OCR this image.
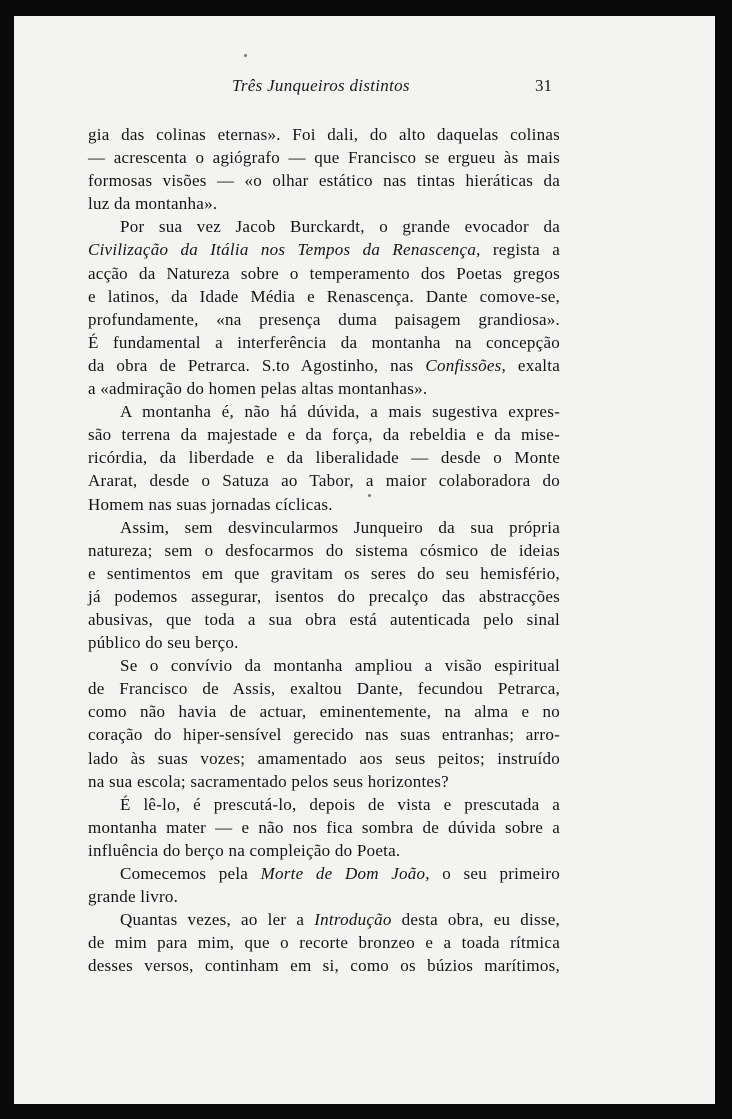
Três Junqueiros distintos	31

gia das colinas eternas». Foi dali, do alto daquelas colinas

— acrescenta o agiógrafo — que Francisco se ergueu às mais

formosas visões — «o olhar estático nas tintas hieráticas da

luz da montanha».

Por sua vez Jacob Burckardt, o grande evocador da

Civilização da Itália nos Tempos da Renascença, regista a

acção da Natureza sobre o temperamento dos Poetas gregos

e latinos, da Idade Média e Renascença. Dante comove-se,

profundamente, «na presença duma paisagem grandiosa».

É fundamental a interferência da montanha na concepção

da obra de Petrarca. S.to Agostinho, nas Confissões, exalta

a «admiração do homen pelas altas montanhas».

A montanha é, não há dúvida, a mais sugestiva expres-

são terrena da majestade e da força, da rebeldia e da mise-

ricórdia, da liberdade e da liberalidade — desde o Monte

Ararat, desde o Satuza ao Tabor, a maior colaboradora do

Homem nas suas jornadas cíclicas.

Assim, sem desvincularmos Junqueiro da sua própria

natureza; sem o desfocarmos do sistema cósmico de ideias

e sentimentos em que gravitam os seres do seu hemisfério,

já podemos assegurar, isentos do precalço das abstracções

abusivas, que toda a sua obra está autenticada pelo sinal

público do seu berço.

Se o convívio da montanha ampliou a visão espiritual

de Francisco de Assis, exaltou Dante, fecundou Petrarca,

como não havia de actuar, eminentemente, na alma e no

coração do hiper-sensível gerecido nas suas entranhas; arro-

lado às suas vozes; amamentado aos seus peitos; instruído

na sua escola; sacramentado pelos seus horizontes?

É lê-lo, é prescutá-lo, depois de vista e prescutada a

montanha mater — e não nos fica sombra de dúvida sobre a

influência do berço na compleição do Poeta.

Comecemos pela Morte de Dom João, o seu primeiro

grande livro.

Quantas vezes, ao ler a Introdução desta obra, eu disse,

de mim para mim, que o recorte bronzeo e a toada rítmica

desses versos, continham em si, como os búzios marítimos,
